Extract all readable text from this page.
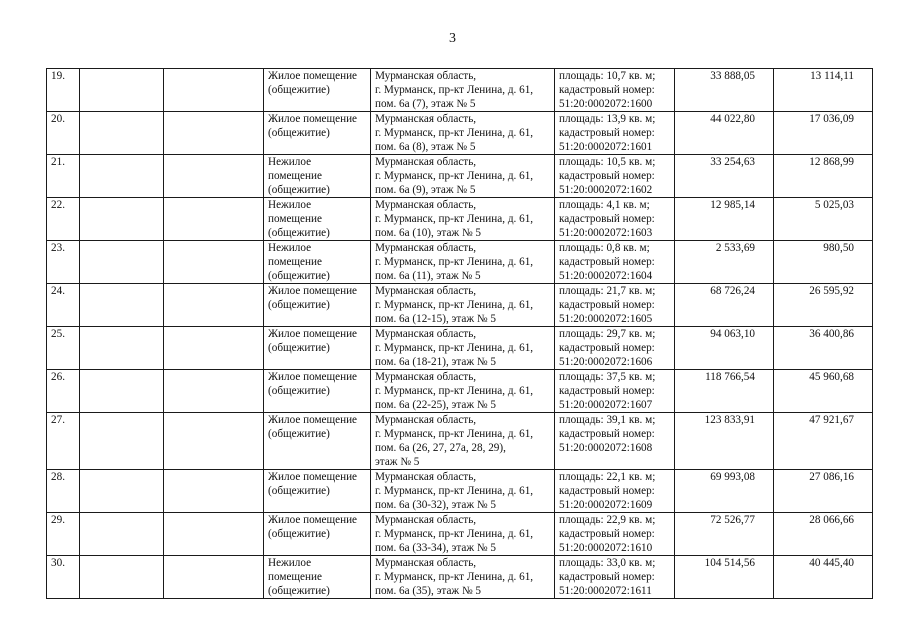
3
19.			Жилое помещение
(общежитие)	Мурманская область,
г. Мурманск, пр-кт Ленина, д. 61,
пом. 6а (7), этаж № 5	площадь: 10,7 кв. м;
кадастровый номер:
51:20:0002072:1600	33 888,05	13 114,11
20.			Жилое помещение
(общежитие)	Мурманская область,
г. Мурманск, пр-кт Ленина, д. 61,
пом. 6а (8), этаж № 5	площадь: 13,9 кв. м;
кадастровый номер:
51:20:0002072:1601	44 022,80	17 036,09
21.			Нежилое
помещение
(общежитие)	Мурманская область,
г. Мурманск, пр-кт Ленина, д. 61,
пом. 6а (9), этаж № 5	площадь: 10,5 кв. м;
кадастровый номер:
51:20:0002072:1602	33 254,63	12 868,99
22.			Нежилое
помещение
(общежитие)	Мурманская область,
г. Мурманск, пр-кт Ленина, д. 61,
пом. 6а (10), этаж № 5	площадь: 4,1 кв. м;
кадастровый номер:
51:20:0002072:1603	12 985,14	5 025,03
23.			Нежилое
помещение
(общежитие)	Мурманская область,
г. Мурманск, пр-кт Ленина, д. 61,
пом. 6а (11), этаж № 5	площадь: 0,8 кв. м;
кадастровый номер:
51:20:0002072:1604	2 533,69	980,50
24.			Жилое помещение
(общежитие)	Мурманская область,
г. Мурманск, пр-кт Ленина, д. 61,
пом. 6а (12-15), этаж № 5	площадь: 21,7 кв. м;
кадастровый номер:
51:20:0002072:1605	68 726,24	26 595,92
25.			Жилое помещение
(общежитие)	Мурманская область,
г. Мурманск, пр-кт Ленина, д. 61,
пом. 6а (18-21), этаж № 5	площадь: 29,7 кв. м;
кадастровый номер:
51:20:0002072:1606	94 063,10	36 400,86
26.			Жилое помещение
(общежитие)	Мурманская область,
г. Мурманск, пр-кт Ленина, д. 61,
пом. 6а (22-25), этаж № 5	площадь: 37,5 кв. м;
кадастровый номер:
51:20:0002072:1607	118 766,54	45 960,68
27.			Жилое помещение
(общежитие)	Мурманская область,
г. Мурманск, пр-кт Ленина, д. 61,
пом. 6а (26, 27, 27а, 28, 29),
этаж № 5	площадь: 39,1 кв. м;
кадастровый номер:
51:20:0002072:1608	123 833,91	47 921,67
28.			Жилое помещение
(общежитие)	Мурманская область,
г. Мурманск, пр-кт Ленина, д. 61,
пом. 6а (30-32), этаж № 5	площадь: 22,1 кв. м;
кадастровый номер:
51:20:0002072:1609	69 993,08	27 086,16
29.			Жилое помещение
(общежитие)	Мурманская область,
г. Мурманск, пр-кт Ленина, д. 61,
пом. 6а (33-34), этаж № 5	площадь: 22,9 кв. м;
кадастровый номер:
51:20:0002072:1610	72 526,77	28 066,66
30.			Нежилое
помещение
(общежитие)	Мурманская область,
г. Мурманск, пр-кт Ленина, д. 61,
пом. 6а (35), этаж № 5	площадь: 33,0 кв. м;
кадастровый номер:
51:20:0002072:1611	104 514,56	40 445,40
